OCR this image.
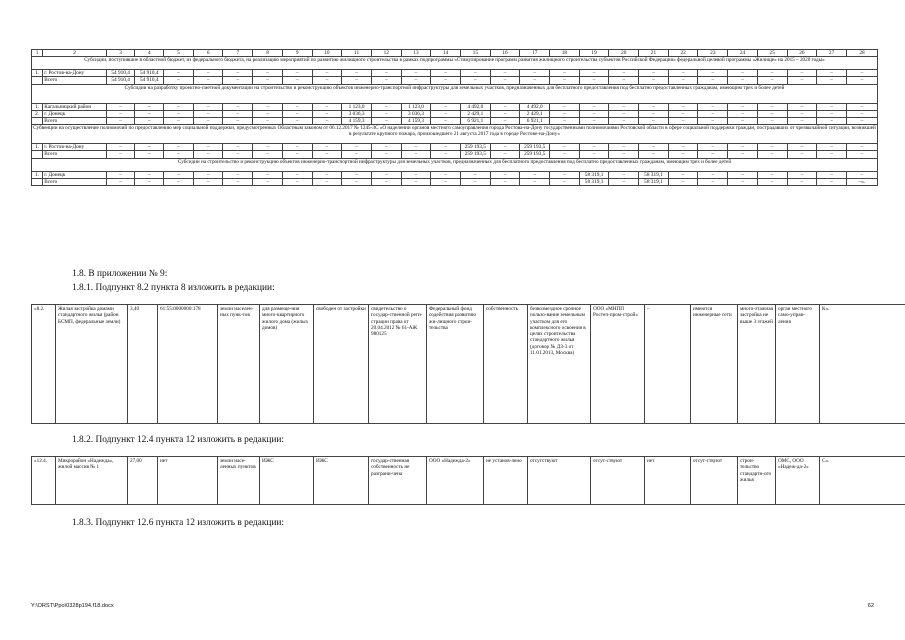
1	2	3	4	5	6	7	8	9	10	11	12	13	14	15	16	17	18	19	20	21	22	23	24	25	26	27	28
Субсидии, поступившие в областной бюджет, из федерального бюджета, на реализацию мероприятий по развитию жилищного строительства в рамках подпрограммы «Стимулирование программ развития жилищного строительства субъектов Российской Федерации» федеральной целевой программы «Жилище» на 2015 – 2020 годы»																											
1.	г. Ростов-на-Дону	54 910,4	54 910,4	–	–	–	–	–	–	–	–	–	–	–	–	–	–	–	–	–	–	–	–	–	–	–	–
	Всего	54 910,4	54 910,4	–	–	–	–	–	–	–	–	–	–	–	–	–	–	–	–	–	–	–	–	–	–	–	–
Субсидии на разработку проектно-сметной документации на строительство и реконструкцию объектов инженерно-транспортной инфраструктуры для земельных участков, предназначенных для бесплатного предоставления под бесплатно предоставленных гражданам, имеющим трех и более детей																											
1.	Кагальницкий район	–	–	–	–	–	–	–	–	1 123,0	–	1 123,0	–	4 492,0	–	4 492,0	–	–	–	–	–	–	–	–	–	–	–
2.	г. Донецк	–	–	–	–	–	–	–	–	3 036,3	–	3 036,3	–	2 429,1	–	2 429,1	–	–	–	–	–	–	–	–	–	–	–
	Всего	–	–	–	–	–	–	–	–	4 159,3	–	4 159,3	–	6 921,1	–	6 921,1	–	–	–	–	–	–	–	–	–	–	–
Субвенции на осуществление полномочий по предоставлению мер социальной поддержки, предусмотренных Областным законом от 06.12.2017 № 1245-ЗС «О наделении органов местного самоуправления города Ростова-на-Дону государственными полномочиями Ростовской области в сфере социальной поддержки граждан, пострадавших от чрезвычайной ситуации, возникшей в результате крупного пожара, произошедшего 21 августа 2017 года в городе Ростове-на-Дону»																											
1.	г. Ростов-на-Дону	–	–	–	–	–	–	–	–	–	–	–	–	259 193,5	–	259 193,5	–	–	–	–	–	–	–	–	–	–	–
	Всего	–	–	–	–	–	–	–	–	–	–	–	–	259 193,5	–	259 193,5	–	–	–	–	–	–	–	–	–	–	–
Субсидии на строительство и реконструкцию объектов инженерно-транспортной инфраструктуры для земельных участков, предназначенных для бесплатного предоставления под бесплатно предоставленных гражданам, имеющим трех и более детей																											
1.	г. Донецк	–	–	–	–	–	–	–	–	–	–	–	–	–	–	–	–	58 319,1	–	58 319,1	–	–	–	–	–	–	–
	Всего	–	–	–	–	–	–	–	–	–	–	–	–	–	–	–	–	58 319,1	–	58 319,1	–	–	–	–	–	–	–».
1.8. В приложении № 9:
1.8.1. Подпункт 8.2 пункта 8 изложить в редакции:
«8.2.	Жилая застройка домами стандартного жилья (район БСМП, федеральные земли)	3,40	61:55:0000000:178	земли населен-ных пунк-тов	для размеще-ния много-квартирного жилого дома (жилых домов)	свободен от застройки	свидетельство о государ-ственной реги-страции права от 20.04.2012 № 61-АЖ 980125	Федеральный фонд содействия развитию жи-лищного строи-тельства	собственность	безвозмездное срочное пользо-вание земельным участком для его комплексного освоения в целях строительства стандартного жилья (договор № ДЗ-3 от 11.01.2013, Москва)	ООО «МНПП Ростеп-пром-строй»	–	имеются инженерные сети	много-этажная застройка не выше 3 этажей	орган местного само-управ-ления	К».
1.8.2. Подпункт 12.4 пункта 12 изложить в редакции:
«12.4.	Микрорайон «Надежда», жилой массив № 1	27,00	нет	земли насе-ленных пунктов	ИЖС	ИЖС	государ-ственная собственность не разграни-чена	ООО «Надежда-2»	не установ-лено	отсутствуют	отсут-ствуют	нет	отсут-ствуют	строи-тельство стандартн-ого жилья	ОМС, ООО «Надеж-да-2»	С».
1.8.3. Подпункт 12.6 пункта 12 изложить в редакции:
Y:\ORST\Ppo\0328p194.f18.docx	62
